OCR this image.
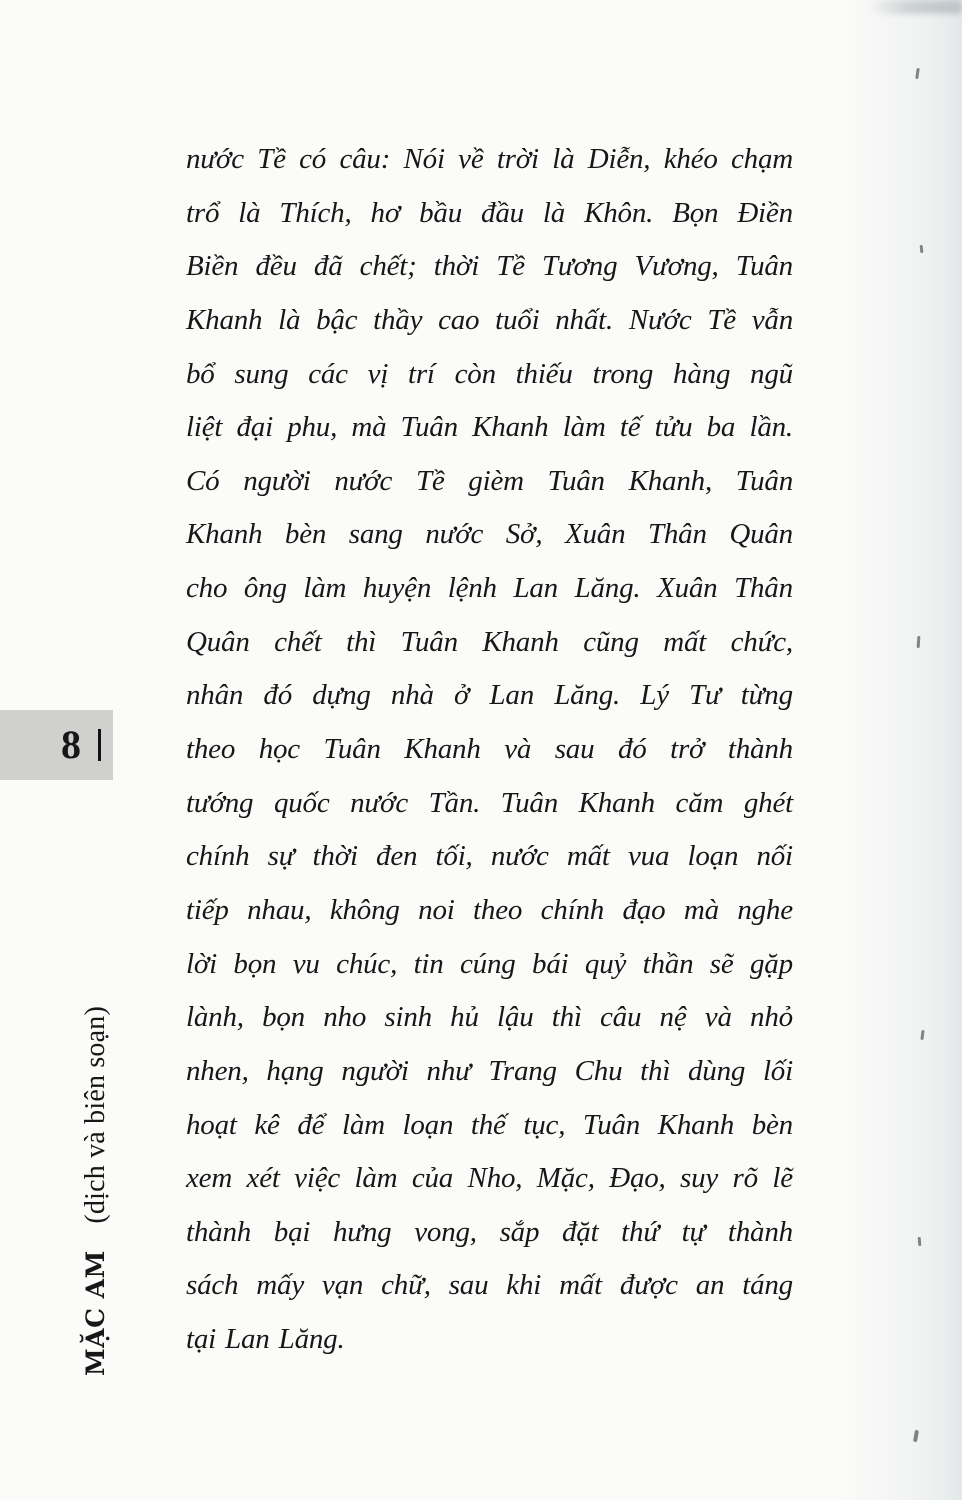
nước Tề có câu: Nói về trời là Diễn, khéo chạm
trổ là Thích, hơ bầu đầu là Khôn. Bọn Điền
Biền đều đã chết; thời Tề Tương Vương, Tuân
Khanh là bậc thầy cao tuổi nhất. Nước Tề vẫn
bổ sung các vị trí còn thiếu trong hàng ngũ
liệt đại phu, mà Tuân Khanh làm tế tửu ba lần.
Có người nước Tề gièm Tuân Khanh, Tuân
Khanh bèn sang nước Sở, Xuân Thân Quân
cho ông làm huyện lệnh Lan Lăng. Xuân Thân
Quân chết thì Tuân Khanh cũng mất chức,
nhân đó dựng nhà ở Lan Lăng. Lý Tư từng
theo học Tuân Khanh và sau đó trở thành
tướng quốc nước Tần. Tuân Khanh căm ghét
chính sự thời đen tối, nước mất vua loạn nối
tiếp nhau, không noi theo chính đạo mà nghe
lời bọn vu chúc, tin cúng bái quỷ thần sẽ gặp
lành, bọn nho sinh hủ lậu thì câu nệ và nhỏ
nhen, hạng người như Trang Chu thì dùng lối
hoạt kê để làm loạn thế tục, Tuân Khanh bèn
xem xét việc làm của Nho, Mặc, Đạo, suy rõ lẽ
thành bại hưng vong, sắp đặt thứ tự thành
sách mấy vạn chữ, sau khi mất được an táng
tại Lan Lăng.
8
MẶC AM
(dịch và biên soạn)
